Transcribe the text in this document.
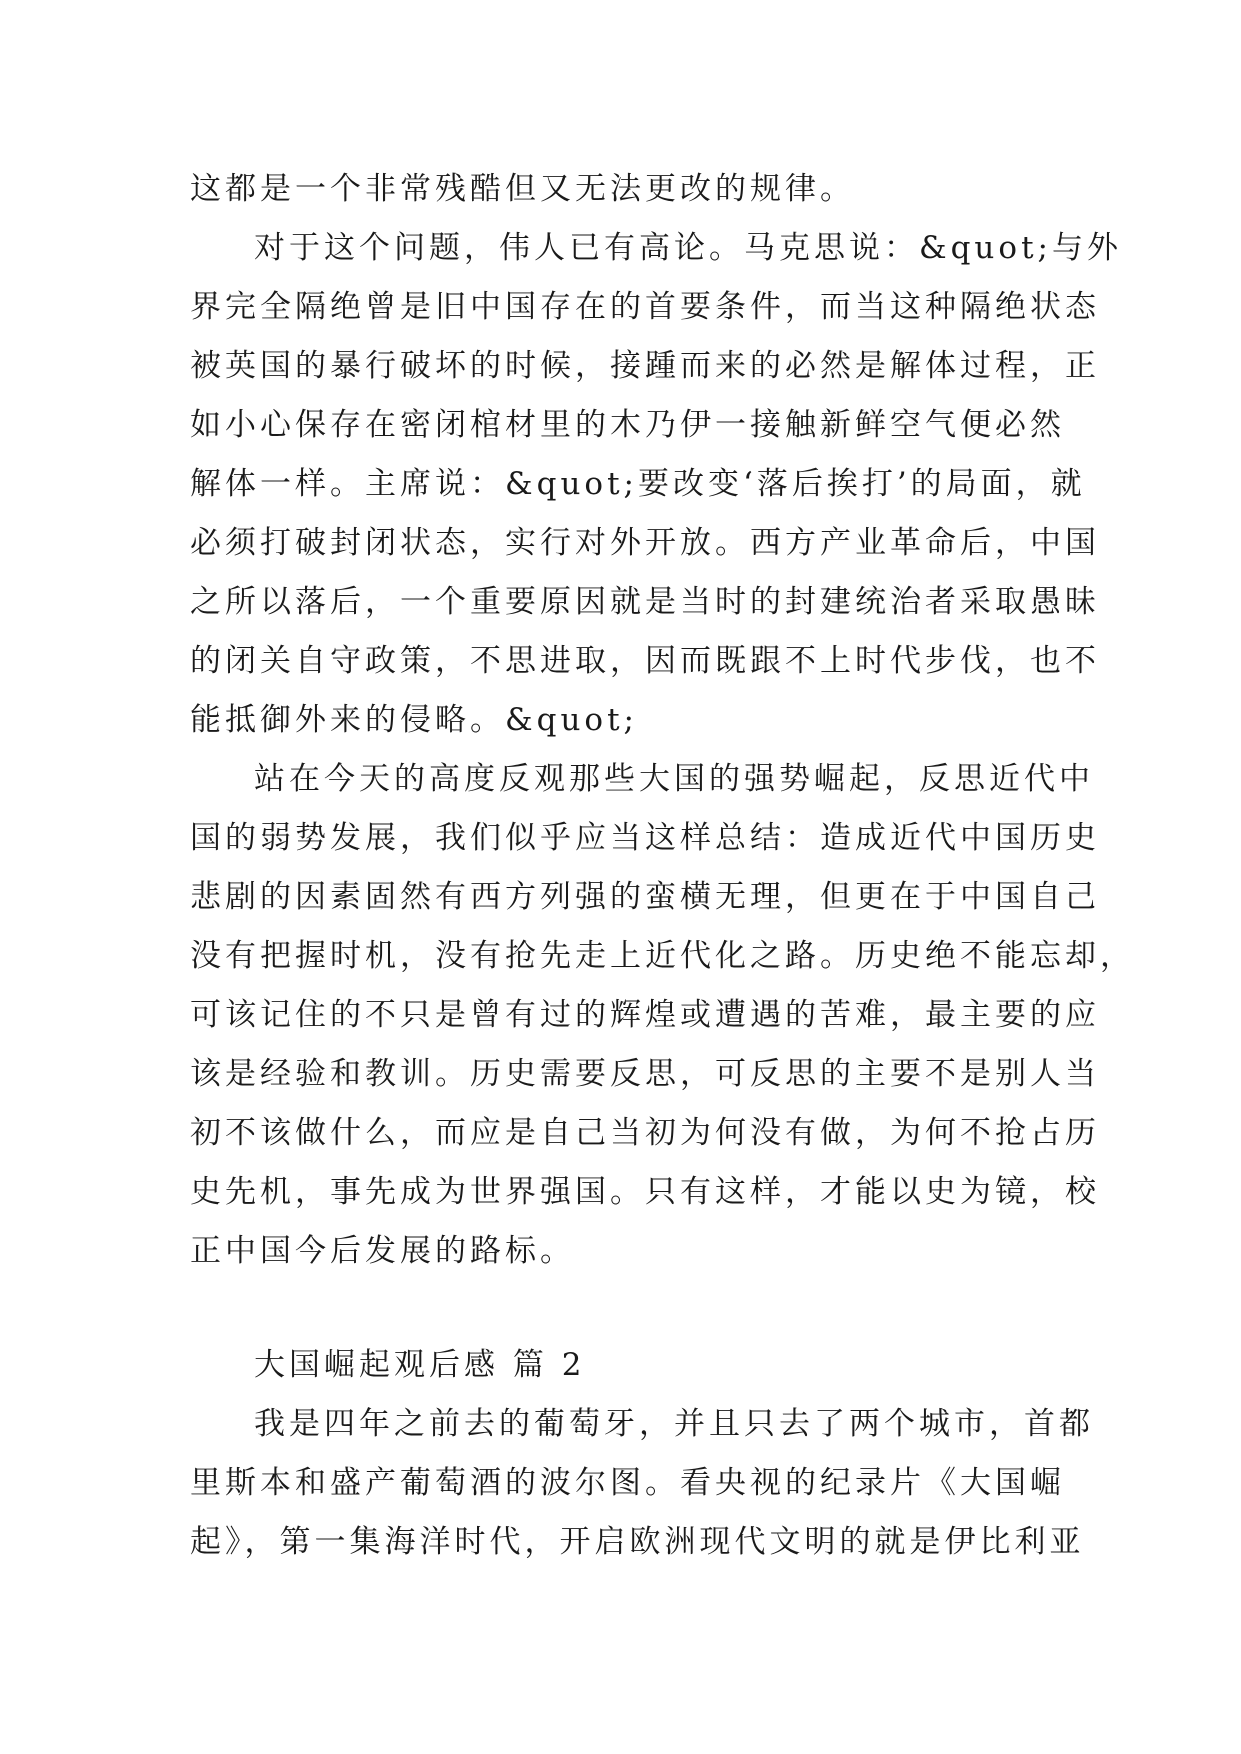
这都是一个非常残酷但又无法更改的规律。
对于这个问题，伟人已有高论。马克思说：&quot;与外
界完全隔绝曾是旧中国存在的首要条件，而当这种隔绝状态
被英国的暴行破坏的时候，接踵而来的必然是解体过程，正
如小心保存在密闭棺材里的木乃伊一接触新鲜空气便必然
解体一样。主席说：&quot;要改变‘落后挨打’的局面，就
必须打破封闭状态，实行对外开放。西方产业革命后，中国
之所以落后，一个重要原因就是当时的封建统治者采取愚昧
的闭关自守政策，不思进取，因而既跟不上时代步伐，也不
能抵御外来的侵略。&quot;
站在今天的高度反观那些大国的强势崛起，反思近代中
国的弱势发展，我们似乎应当这样总结：造成近代中国历史
悲剧的因素固然有西方列强的蛮横无理，但更在于中国自己
没有把握时机，没有抢先走上近代化之路。历史绝不能忘却，
可该记住的不只是曾有过的辉煌或遭遇的苦难，最主要的应
该是经验和教训。历史需要反思，可反思的主要不是别人当
初不该做什么，而应是自己当初为何没有做，为何不抢占历
史先机，事先成为世界强国。只有这样，才能以史为镜，校
正中国今后发展的路标。
大国崛起观后感 篇 2
我是四年之前去的葡萄牙，并且只去了两个城市，首都
里斯本和盛产葡萄酒的波尔图。看央视的纪录片《大国崛
起》，第一集海洋时代，开启欧洲现代文明的就是伊比利亚
